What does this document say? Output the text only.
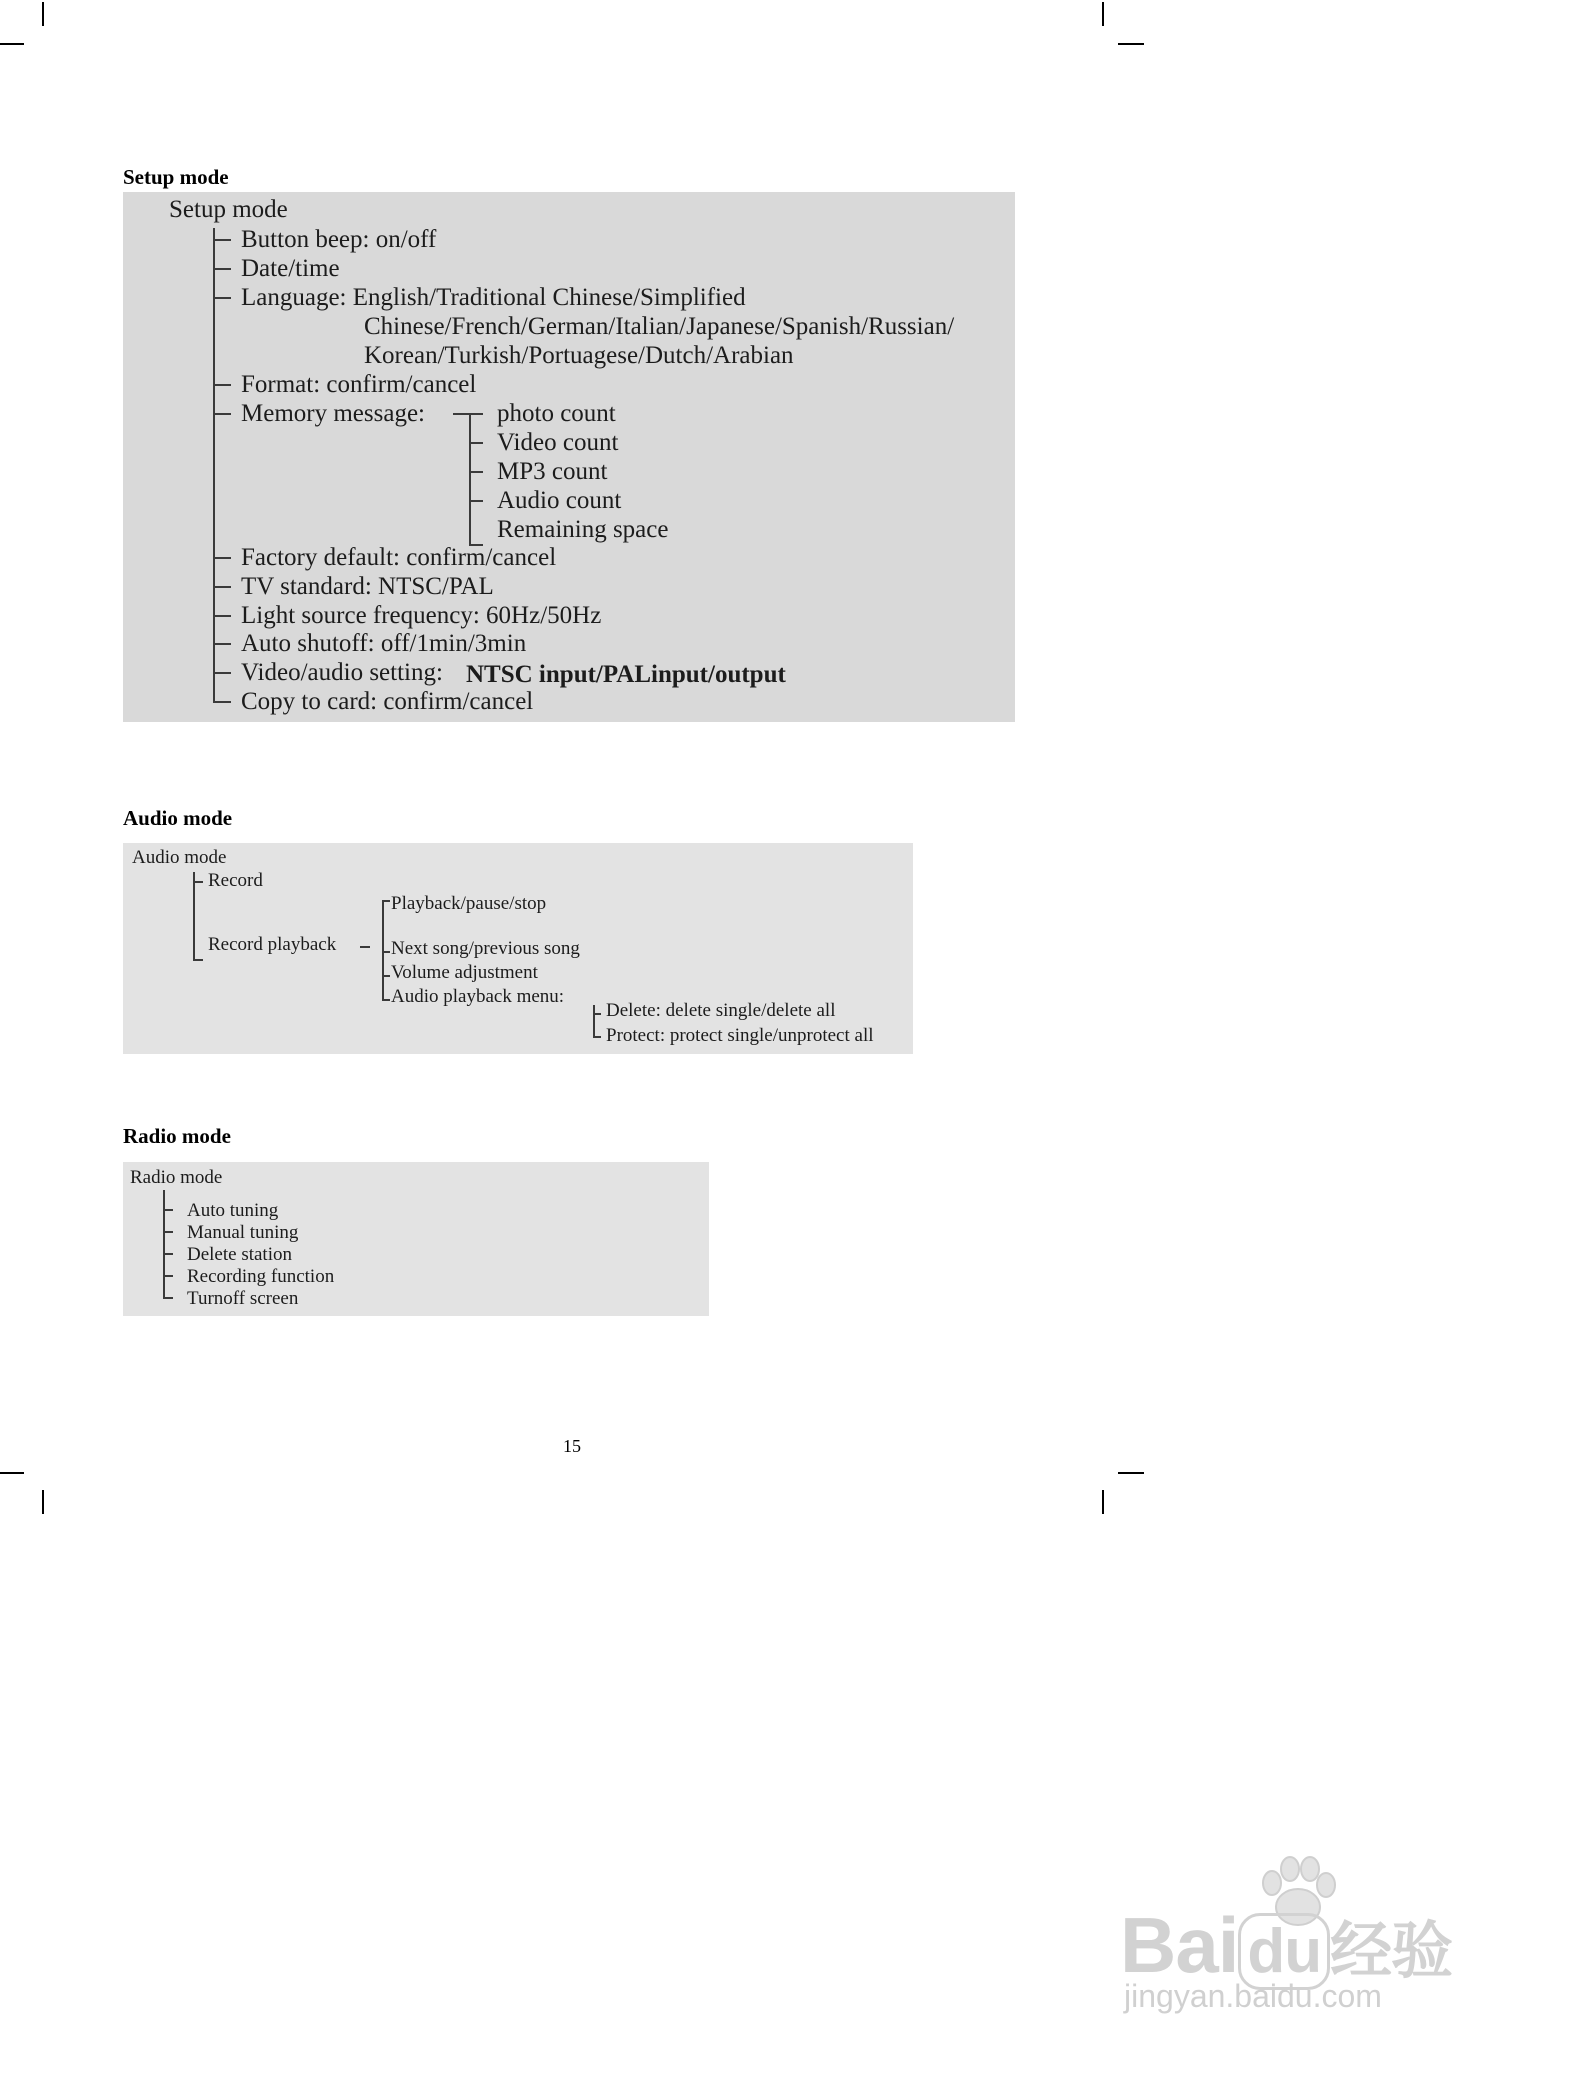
Setup mode
Setup mode
Button beep: on/off
Date/time
Language: English/Traditional Chinese/Simplified
Chinese/French/German/Italian/Japanese/Spanish/Russian/
Korean/Turkish/Portuagese/Dutch/Arabian
Format: confirm/cancel
Memory message:	photo count
Video count
MP3 count
Audio count
Remaining space
Factory default: confirm/cancel
TV standard: NTSC/PAL
Light source frequency: 60Hz/50Hz
Auto shutoff: off/1min/3min
Video/audio setting: NTSC input/PALinput/output
Copy to card: confirm/cancel
Audio mode
Audio mode
Record
Record playback
Playback/pause/stop
Next song/previous song
Volume adjustment
Audio playback menu:
Delete: delete single/delete all
Protect: protect single/unprotect all
Radio mode
Radio mode
Auto tuning
Manual tuning
Delete station
Recording function
Turnoff screen
15
Bai du 经验
jingyan.baidu.com
